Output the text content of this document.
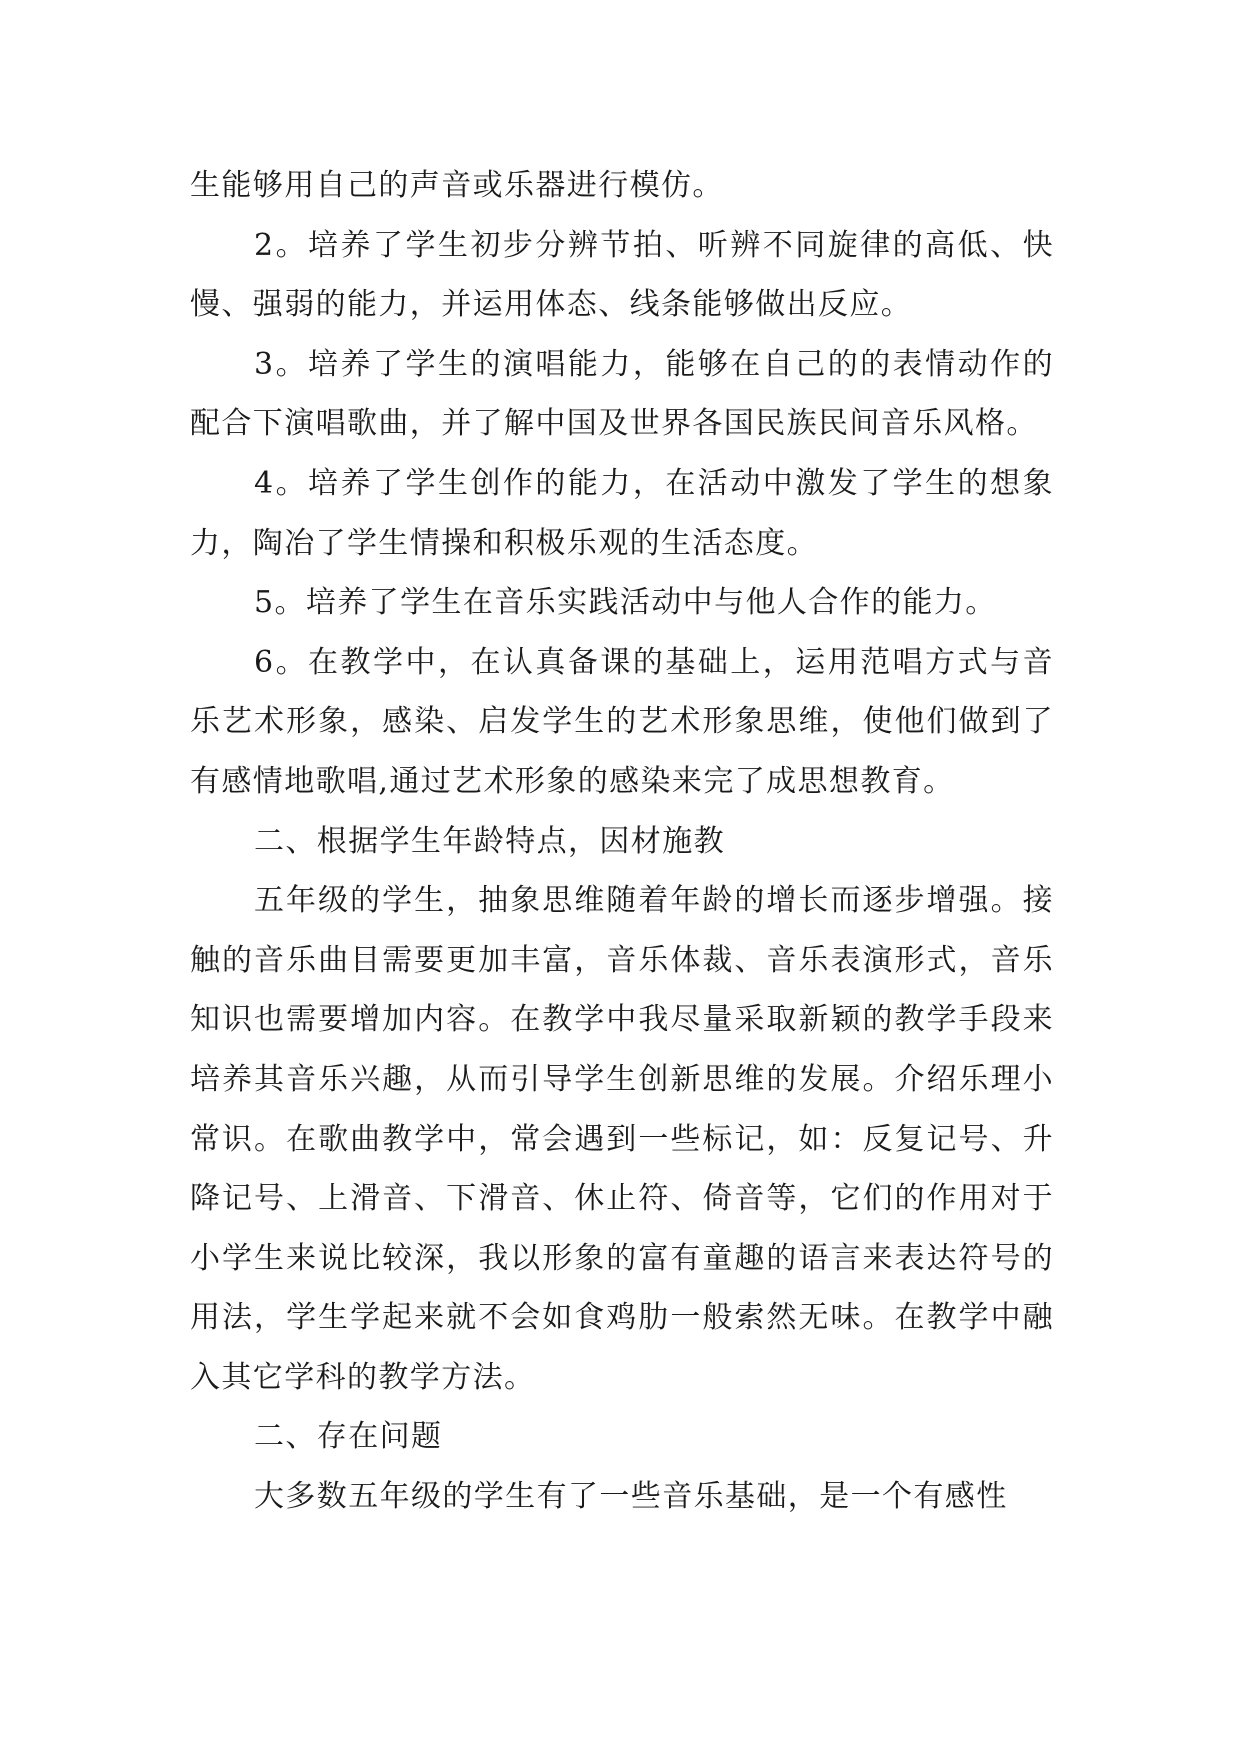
生能够用自己的声音或乐器进行模仿。

2。培养了学生初步分辨节拍、听辨不同旋律的高低、快慢、强弱的能力，并运用体态、线条能够做出反应。

3。培养了学生的演唱能力，能够在自己的的表情动作的配合下演唱歌曲，并了解中国及世界各国民族民间音乐风格。

4。培养了学生创作的能力，在活动中激发了学生的想象力，陶冶了学生情操和积极乐观的生活态度。

5。培养了学生在音乐实践活动中与他人合作的能力。

6。在教学中，在认真备课的基础上，运用范唱方式与音乐艺术形象，感染、启发学生的艺术形象思维，使他们做到了有感情地歌唱,通过艺术形象的感染来完了成思想教育。

二、根据学生年龄特点，因材施教

五年级的学生，抽象思维随着年龄的增长而逐步增强。接触的音乐曲目需要更加丰富，音乐体裁、音乐表演形式，音乐知识也需要增加内容。在教学中我尽量采取新颖的教学手段来培养其音乐兴趣，从而引导学生创新思维的发展。介绍乐理小常识。在歌曲教学中，常会遇到一些标记，如：反复记号、升降记号、上滑音、下滑音、休止符、倚音等，它们的作用对于小学生来说比较深，我以形象的富有童趣的语言来表达符号的用法，学生学起来就不会如食鸡肋一般索然无味。在教学中融入其它学科的教学方法。

二、存在问题

大多数五年级的学生有了一些音乐基础，是一个有感性
